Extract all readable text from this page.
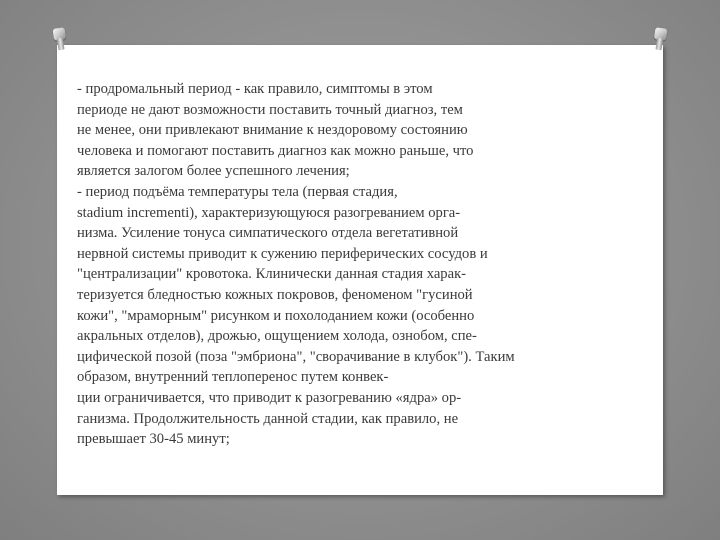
- продромальный период - как правило, симптомы в этом
периоде не дают возможности поставить точный диагноз, тем
не менее, они привлекают внимание к нездоровому состоянию
человека и помогают поставить диагноз как можно раньше, что
является залогом более успешного лечения;
- период подъёма температуры тела (первая стадия,
stadium incrementi), характеризующуюся разогреванием орга-
низма. Усиление тонуса симпатического отдела вегетативной
нервной системы приводит к сужению периферических сосудов и
"централизации" кровотока. Клинически данная стадия харак-
теризуется бледностью кожных покровов, феноменом "гусиной
кожи", "мраморным" рисунком и похолоданием кожи (особенно
акральных отделов), дрожью, ощущением холода, ознобом, спе-
цифической позой (поза "эмбриона", "сворачивание в клубок"). Таким
образом, внутренний теплоперенос путем конвек-
ции ограничивается, что приводит к разогреванию «ядра» ор-
ганизма. Продолжительность данной стадии, как правило, не
превышает 30-45 минут;
